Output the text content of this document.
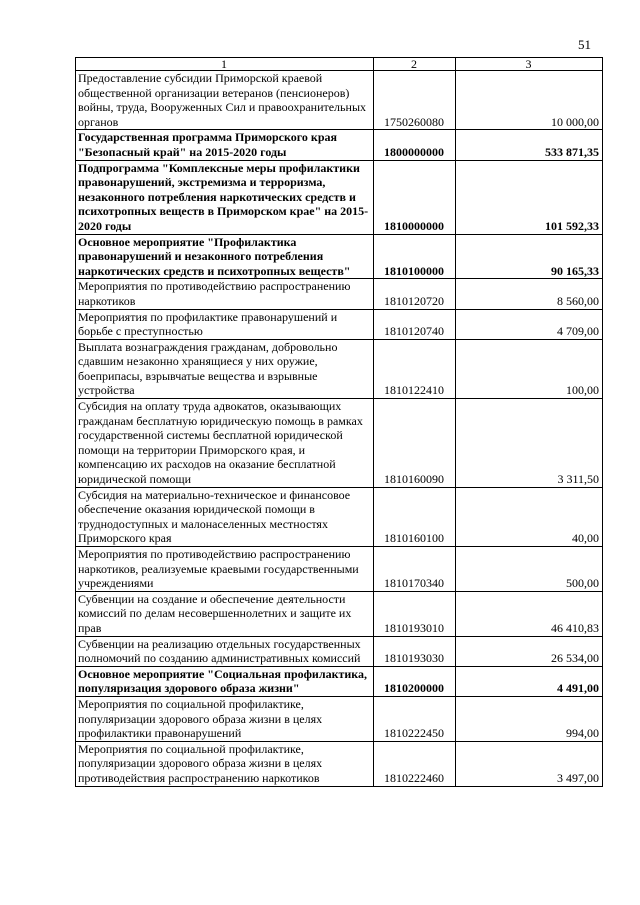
51
1	2	3
Предоставление субсидии Приморской краевой общественной организации ветеранов (пенсионеров) войны, труда, Вооруженных Сил и правоохранительных органов	1750260080	10 000,00
Государственная программа Приморского края "Безопасный край" на 2015-2020 годы	1800000000	533 871,35
Подпрограмма "Комплексные меры профилактики правонарушений, экстремизма и терроризма, незаконного потребления наркотических средств и психотропных веществ в Приморском крае" на 2015-2020 годы	1810000000	101 592,33
Основное мероприятие "Профилактика правонарушений и незаконного потребления наркотических средств и психотропных веществ"	1810100000	90 165,33
Мероприятия по противодействию распространению наркотиков	1810120720	8 560,00
Мероприятия по профилактике правонарушений и борьбе с преступностью	1810120740	4 709,00
Выплата вознаграждения гражданам, добровольно сдавшим незаконно хранящиеся у них оружие, боеприпасы, взрывчатые вещества и взрывные устройства	1810122410	100,00
Субсидия на оплату труда адвокатов, оказывающих гражданам бесплатную юридическую помощь в рамках государственной системы бесплатной юридической помощи на территории Приморского края, и компенсацию их расходов на оказание бесплатной юридической помощи	1810160090	3 311,50
Субсидия на материально-техническое и финансовое обеспечение оказания юридической помощи в труднодоступных и малонаселенных местностях Приморского края	1810160100	40,00
Мероприятия по противодействию распространению наркотиков, реализуемые краевыми государственными учреждениями	1810170340	500,00
Субвенции на создание и обеспечение деятельности комиссий по делам несовершеннолетних и защите их прав	1810193010	46 410,83
Субвенции на реализацию отдельных государственных полномочий по созданию административных комиссий	1810193030	26 534,00
Основное мероприятие "Социальная профилактика, популяризация здорового образа жизни"	1810200000	4 491,00
Мероприятия по социальной профилактике, популяризации здорового образа жизни в целях профилактики правонарушений	1810222450	994,00
Мероприятия по социальной профилактике, популяризации здорового образа жизни в целях противодействия распространению наркотиков	1810222460	3 497,00
